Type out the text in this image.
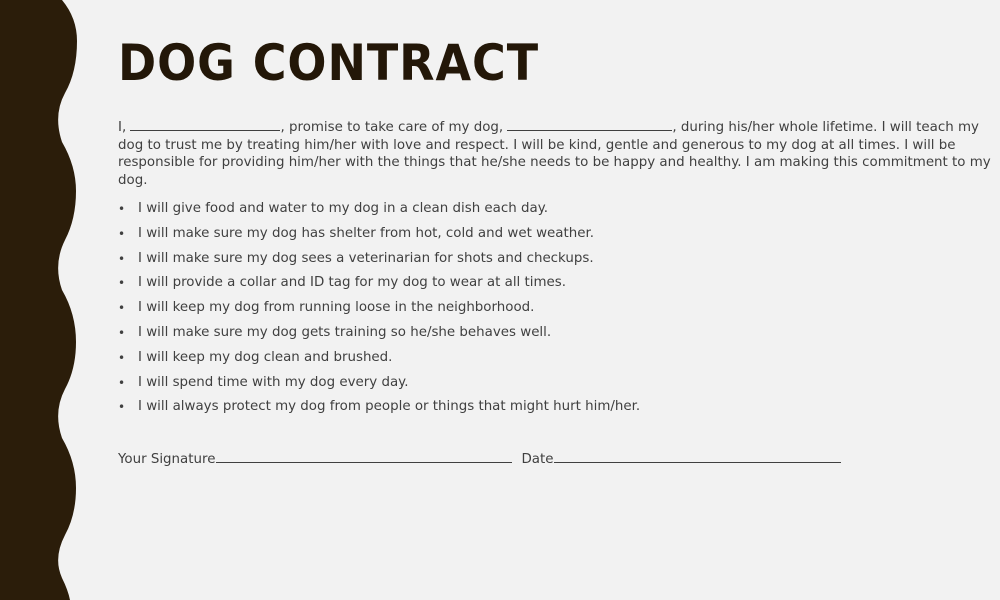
DOG CONTRACT

I,	, promise to take care of my dog,	, during his/her whole lifetime. I will teach my dog to trust me by treating him/her with love and respect. I will be kind, gentle and generous to my dog at all times. I will be responsible for providing him/her with the things that he/she needs to be happy and healthy. I am making this commitment to my dog.

• I will give food and water to my dog in a clean dish each day.
• I will make sure my dog has shelter from hot, cold and wet weather.
• I will make sure my dog sees a veterinarian for shots and checkups.
• I will provide a collar and ID tag for my dog to wear at all times.
• I will keep my dog from running loose in the neighborhood.
• I will make sure my dog gets training so he/she behaves well.
• I will keep my dog clean and brushed.
• I will spend time with my dog every day.
• I will always protect my dog from people or things that might hurt him/her.
Your Signature	Date
